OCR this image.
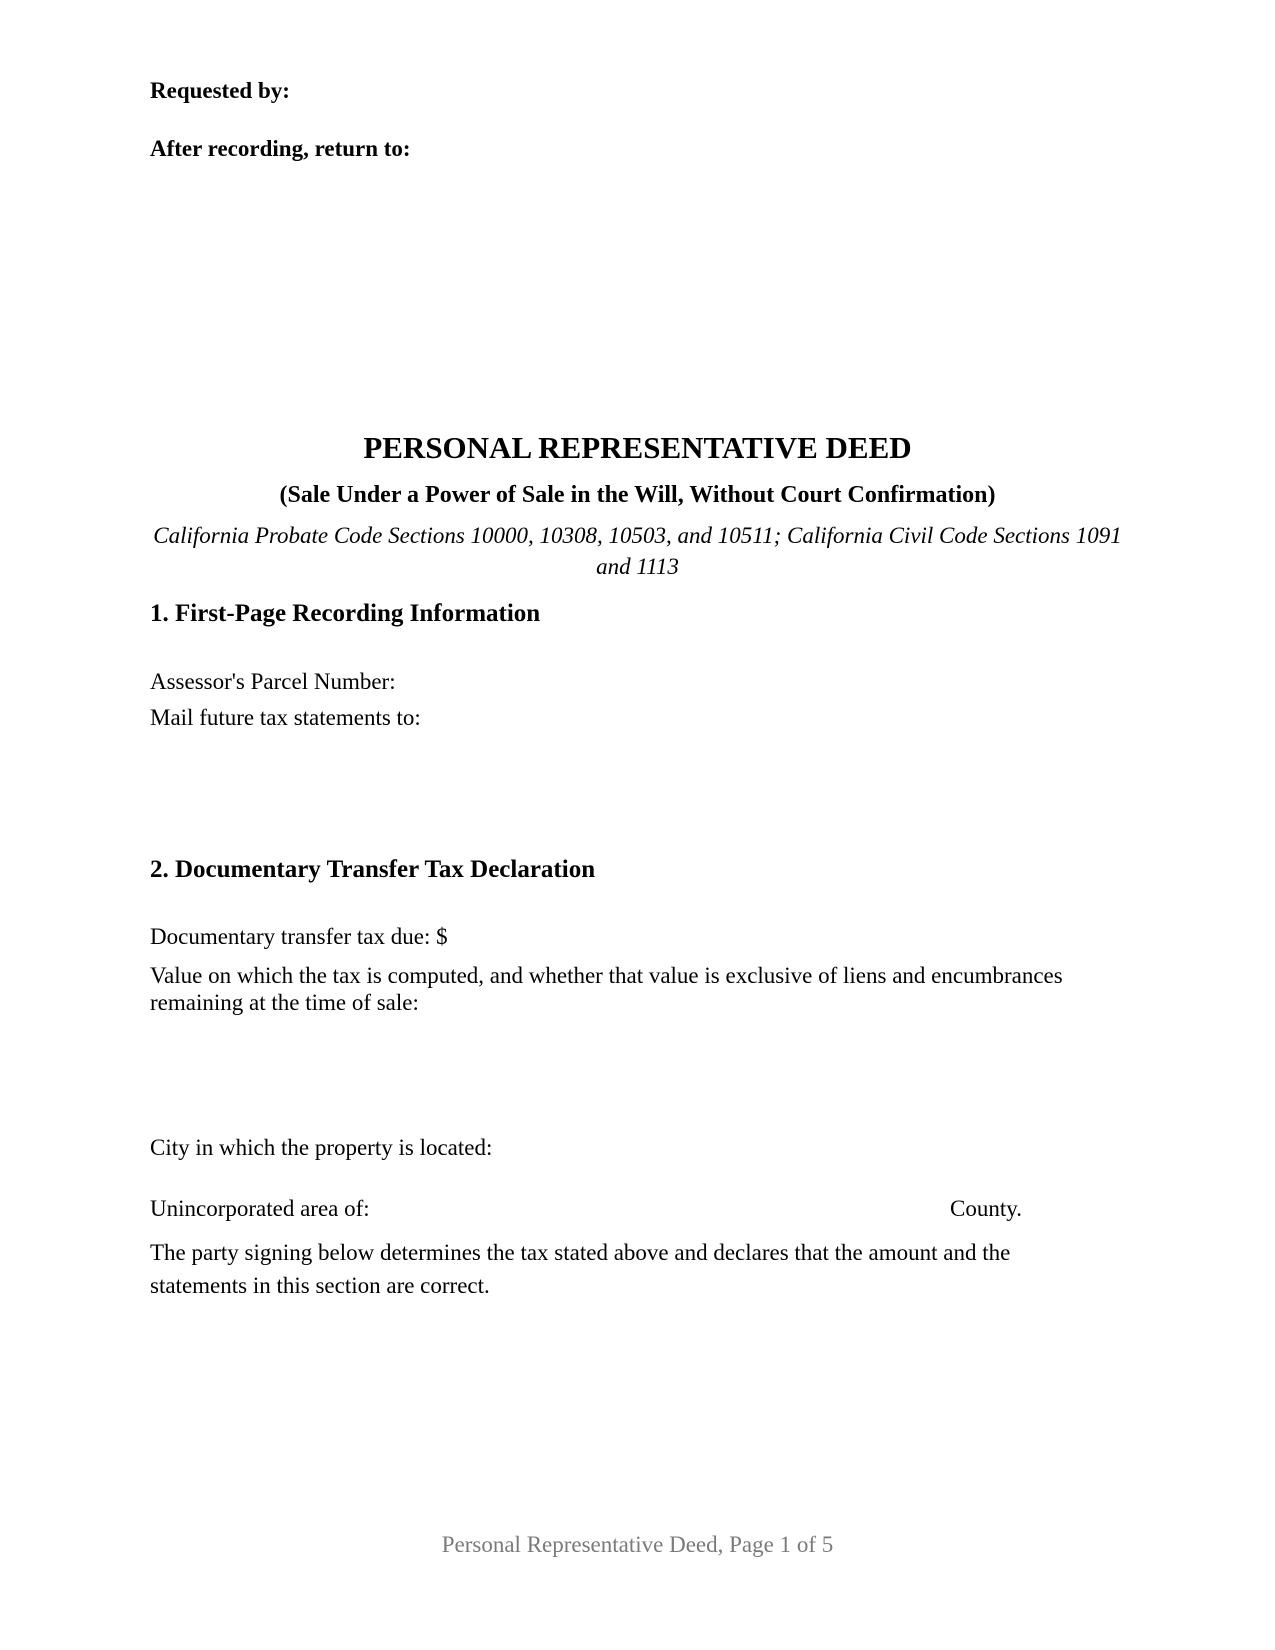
Requested by:
After recording, return to:
PERSONAL REPRESENTATIVE DEED
(Sale Under a Power of Sale in the Will, Without Court Confirmation)
California Probate Code Sections 10000, 10308, 10503, and 10511; California Civil Code Sections 1091 and 1113
1. First-Page Recording Information
Assessor's Parcel Number:
Mail future tax statements to:
2. Documentary Transfer Tax Declaration
Documentary transfer tax due: $
Value on which the tax is computed, and whether that value is exclusive of liens and encumbrances remaining at the time of sale:
City in which the property is located:
Unincorporated area of:	County.
The party signing below determines the tax stated above and declares that the amount and the statements in this section are correct.
Personal Representative Deed, Page 1 of 5
